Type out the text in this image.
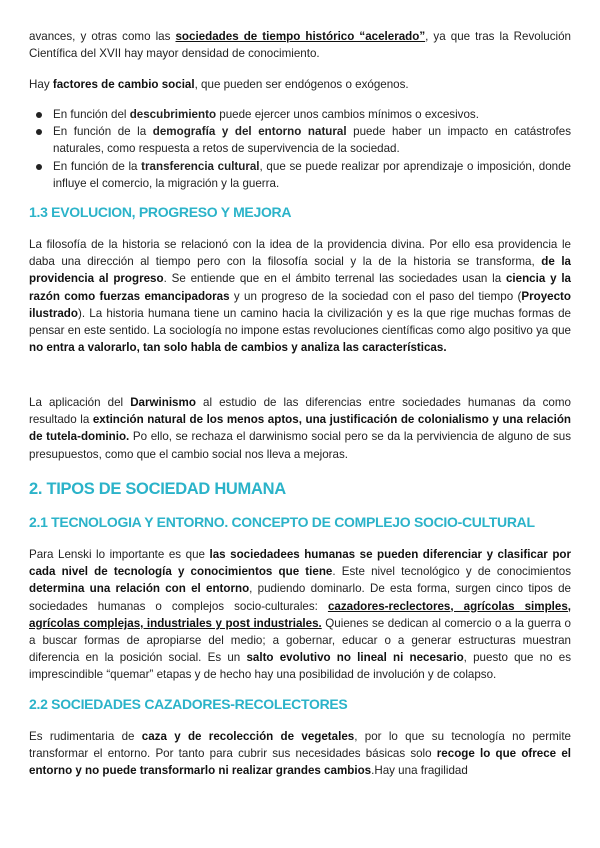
avances, y otras como las sociedades de tiempo histórico “acelerado”, ya que tras la Revolución Científica del XVII hay mayor densidad de conocimiento.

Hay factores de cambio social, que pueden ser endógenos o exógenos.

En función del descubrimiento puede ejercer unos cambios mínimos o excesivos.
En función de la demografía y del entorno natural puede haber un impacto en catástrofes naturales, como respuesta a retos de supervivencia de la sociedad.
En función de la transferencia cultural, que se puede realizar por aprendizaje o imposición, donde influye el comercio, la migración y la guerra.
1.3 EVOLUCION, PROGRESO Y MEJORA

La filosofía de la historia se relacionó con la idea de la providencia divina. Por ello esa providencia le daba una dirección al tiempo pero con la filosofía social y la de la historia se transforma, de la providencia al progreso. Se entiende que en el ámbito terrenal las sociedades usan la ciencia y la razón como fuerzas emancipadoras y un progreso de la sociedad con el paso del tiempo (Proyecto ilustrado). La historia humana tiene un camino hacia la civilización y es la que rige muchas formas de pensar en este sentido. La sociología no impone estas revoluciones científicas como algo positivo ya que no entra a valorarlo, tan solo habla de cambios y analiza las características.

La aplicación del Darwinismo al estudio de las diferencias entre sociedades humanas da como resultado la extinción natural de los menos aptos, una justificación de colonialismo y una relación de tutela-dominio. Po ello, se rechaza el darwinismo social pero se da la perviviencia de alguno de sus presupuestos, como que el cambio social nos lleva a mejoras.

2. TIPOS DE SOCIEDAD HUMANA
2.1 TECNOLOGIA Y ENTORNO. CONCEPTO DE COMPLEJO SOCIO-CULTURAL

Para Lenski lo importante es que las sociedadees humanas se pueden diferenciar y clasificar por cada nivel de tecnología y conocimientos que tiene. Este nivel tecnológico y de conocimientos determina una relación con el entorno, pudiendo dominarlo. De esta forma, surgen cinco tipos de sociedades humanas o complejos socio-culturales: cazadores-reclectores, agrícolas simples, agrícolas complejas, industriales y post industriales. Quienes se dedican al comercio o a la guerra o a buscar formas de apropiarse del medio; a gobernar, educar o a generar estructuras muestran diferencia en la posición social. Es un salto evolutivo no lineal ni necesario, puesto que no es imprescindible “quemar” etapas y de hecho hay una posibilidad de involución y de colapso.

2.2 SOCIEDADES CAZADORES-RECOLECTORES

Es rudimentaria de caza y de recolección de vegetales, por lo que su tecnología no permite transformar el entorno. Por tanto para cubrir sus necesidades básicas solo recoge lo que ofrece el entorno y no puede transformarlo ni realizar grandes cambios.Hay una fragilidad
